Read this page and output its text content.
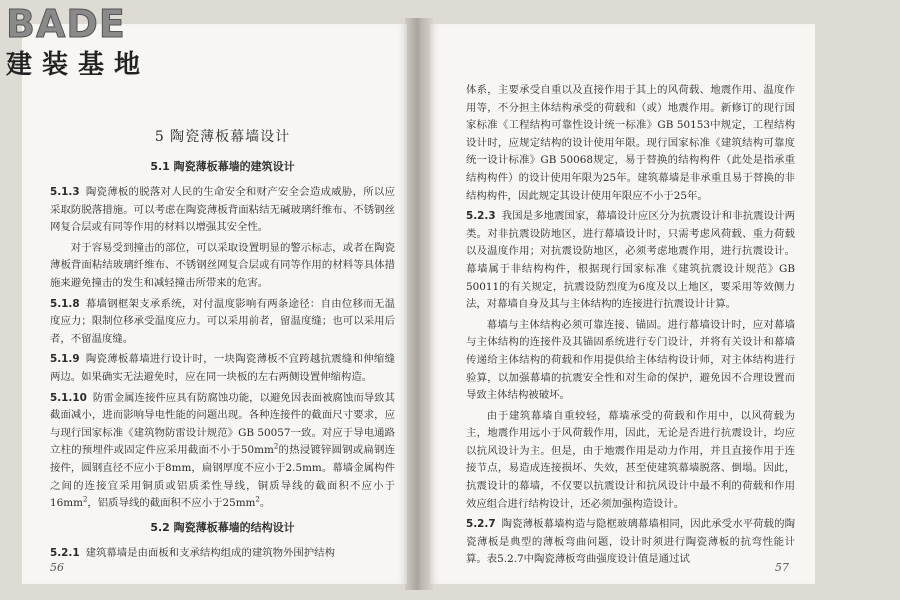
BADE
建装基地
5 陶瓷薄板幕墙设计
5.1 陶瓷薄板幕墙的建筑设计

5.1.3 陶瓷薄板的脱落对人民的生命安全和财产安全会造成威胁，所以应采取防脱落措施。可以考虑在陶瓷薄板背面粘结无碱玻璃纤维布、不锈钢丝网复合层或有同等作用的材料以增强其安全性。

对于容易受到撞击的部位，可以采取设置明显的警示标志，或者在陶瓷薄板背面粘结玻璃纤维布、不锈钢丝网复合层或有同等作用的材料等具体措施来避免撞击的发生和减轻撞击所带来的危害。

5.1.8 幕墙钢框架支承系统，对付温度影响有两条途径：自由位移而无温度应力；限制位移承受温度应力。可以采用前者，留温度缝；也可以采用后者，不留温度缝。

5.1.9 陶瓷薄板幕墙进行设计时，一块陶瓷薄板不宜跨越抗震缝和伸缩缝两边。如果确实无法避免时，应在同一块板的左右两侧设置伸缩构造。

5.1.10 防雷金属连接件应具有防腐蚀功能，以避免因表面被腐蚀而导致其截面减小，进而影响导电性能的问题出现。各种连接件的截面尺寸要求，应与现行国家标准《建筑物防雷设计规范》GB 50057一致。对应于导电通路立柱的预埋件或固定件应采用截面不小于$50mm^2$的热浸镀锌圆钢或扁钢连接件，圆钢直径不应小于8mm，扁钢厚度不应小于2.5mm。幕墙金属构件之间的连接宜采用铜质或铝质柔性导线，铜质导线的截面积不应小于$16mm^2$，铝质导线的截面积不应小于$25mm^2$。

5.2 陶瓷薄板幕墙的结构设计

5.2.1 建筑幕墙是由面板和支承结构组成的建筑物外围护结构

56

体系，主要承受自重以及直接作用于其上的风荷载、地震作用、温度作用等，不分担主体结构承受的荷载和（或）地震作用。新修订的现行国家标准《工程结构可靠性设计统一标准》GB 50153中规定，工程结构设计时，应规定结构的设计使用年限。现行国家标准《建筑结构可靠度统一设计标准》GB 50068规定，易于替换的结构构件（此处是指承重结构构件）的设计使用年限为25年。建筑幕墙是非承重且易于替换的非结构构件，因此规定其设计使用年限应不小于25年。

5.2.3 我国是多地震国家，幕墙设计应区分为抗震设计和非抗震设计两类。对非抗震设防地区，进行幕墙设计时，只需考虑风荷载、重力荷载以及温度作用；对抗震设防地区，必须考虑地震作用，进行抗震设计。幕墙属于非结构构件，根据现行国家标准《建筑抗震设计规范》GB 50011的有关规定，抗震设防烈度为6度及以上地区，要采用等效侧力法，对幕墙自身及其与主体结构的连接进行抗震设计计算。

幕墙与主体结构必须可靠连接、锚固。进行幕墙设计时，应对幕墙与主体结构的连接件及其锚固系统进行专门设计，并将有关设计和幕墙传递给主体结构的荷载和作用提供给主体结构设计师，对主体结构进行验算，以加强幕墙的抗震安全性和对生命的保护，避免因不合理设置而导致主体结构被破坏。

由于建筑幕墙自重较轻，幕墙承受的荷载和作用中，以风荷载为主，地震作用远小于风荷载作用，因此，无论是否进行抗震设计，均应以抗风设计为主。但是，由于地震作用是动力作用，并且直接作用于连接节点，易造成连接损坏、失效，甚至使建筑幕墙脱落、倒塌。因此，抗震设计的幕墙，不仅要以抗震设计和抗风设计中最不利的荷载和作用效应组合进行结构设计，还必须加强构造设计。

5.2.7 陶瓷薄板幕墙构造与隐框玻璃幕墙相同，因此承受水平荷载的陶瓷薄板是典型的薄板弯曲问题，设计时须进行陶瓷薄板的抗弯性能计算。表5.2.7中陶瓷薄板弯曲强度设计值是通过试

57
